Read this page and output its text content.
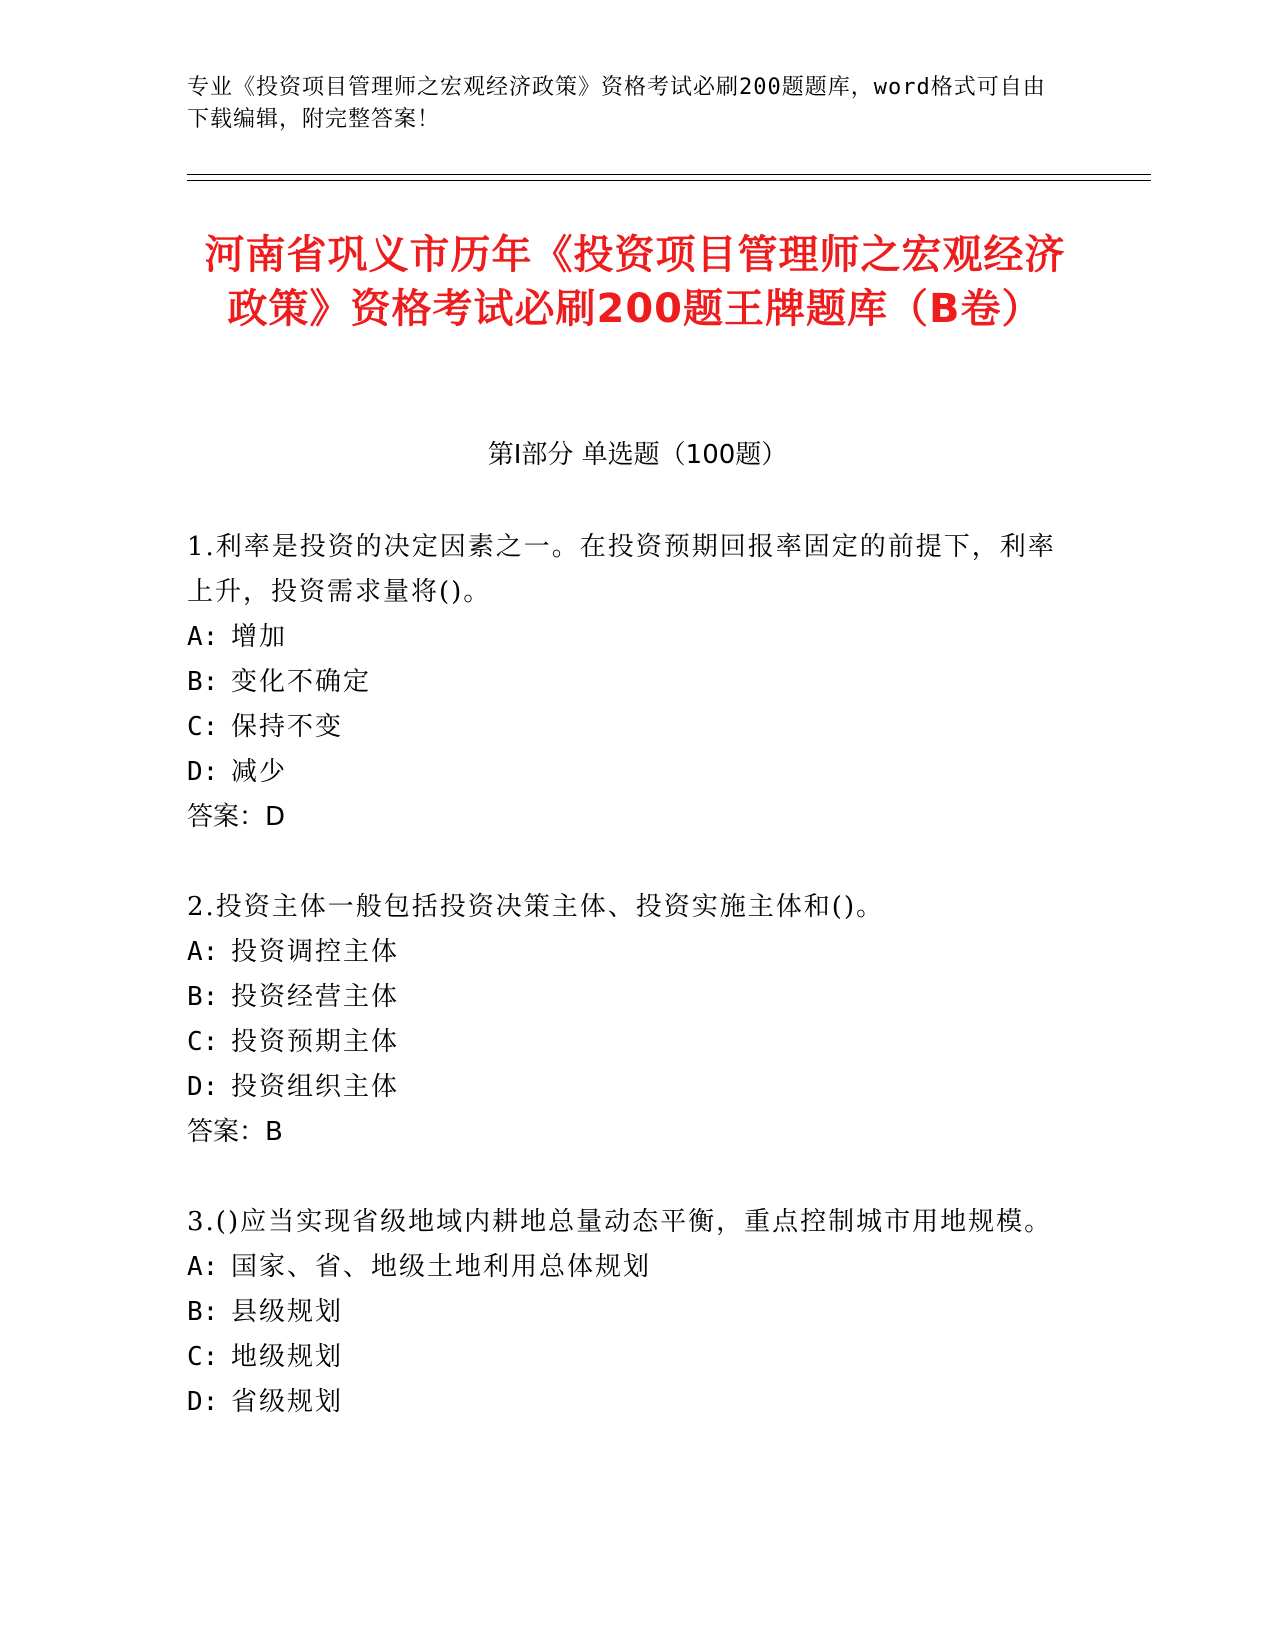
专业《投资项目管理师之宏观经济政策》资格考试必刷200题题库，word格式可自由下载编辑，附完整答案！
河南省巩义市历年《投资项目管理师之宏观经济政策》资格考试必刷200题王牌题库（B卷）
第Ⅰ部分 单选题（100题）
1.利率是投资的决定因素之一。在投资预期回报率固定的前提下，利率上升，投资需求量将()。
A: 增加
B: 变化不确定
C: 保持不变
D: 减少
答案：D
2.投资主体一般包括投资决策主体、投资实施主体和()。
A: 投资调控主体
B: 投资经营主体
C: 投资预期主体
D: 投资组织主体
答案：B
3.()应当实现省级地域内耕地总量动态平衡，重点控制城市用地规模。
A: 国家、省、地级土地利用总体规划
B: 县级规划
C: 地级规划
D: 省级规划
